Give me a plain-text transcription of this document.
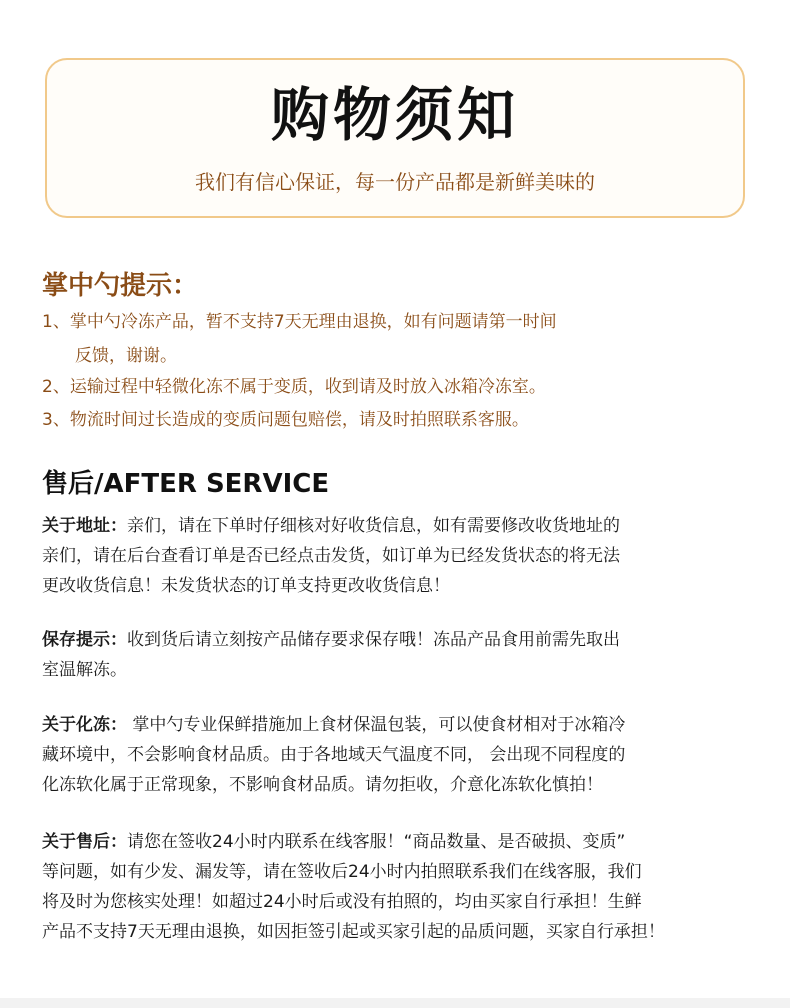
购物须知
我们有信心保证，每一份产品都是新鲜美味的
掌中勺提示：
1、掌中勺冷冻产品，暂不支持7天无理由退换，如有问题请第一时间
反馈，谢谢。
2、运输过程中轻微化冻不属于变质，收到请及时放入冰箱冷冻室。
3、物流时间过长造成的变质问题包赔偿，请及时拍照联系客服。
售后/AFTER SERVICE
关于地址：亲们，请在下单时仔细核对好收货信息，如有需要修改收货地址的
亲们，请在后台查看订单是否已经点击发货，如订单为已经发货状态的将无法
更改收货信息！未发货状态的订单支持更改收货信息！
保存提示：收到货后请立刻按产品储存要求保存哦！冻品产品食用前需先取出
室温解冻。
关于化冻： 掌中勺专业保鲜措施加上食材保温包装，可以使食材相对于冰箱冷
藏环境中，不会影响食材品质。由于各地域天气温度不同， 会出现不同程度的
化冻软化属于正常现象，不影响食材品质。请勿拒收，介意化冻软化慎拍！
关于售后：请您在签收24小时内联系在线客服！“商品数量、是否破损、变质”
等问题，如有少发、漏发等，请在签收后24小时内拍照联系我们在线客服，我们
将及时为您核实处理！如超过24小时后或没有拍照的，均由买家自行承担！生鲜
产品不支持7天无理由退换，如因拒签引起或买家引起的品质问题，买家自行承担！
